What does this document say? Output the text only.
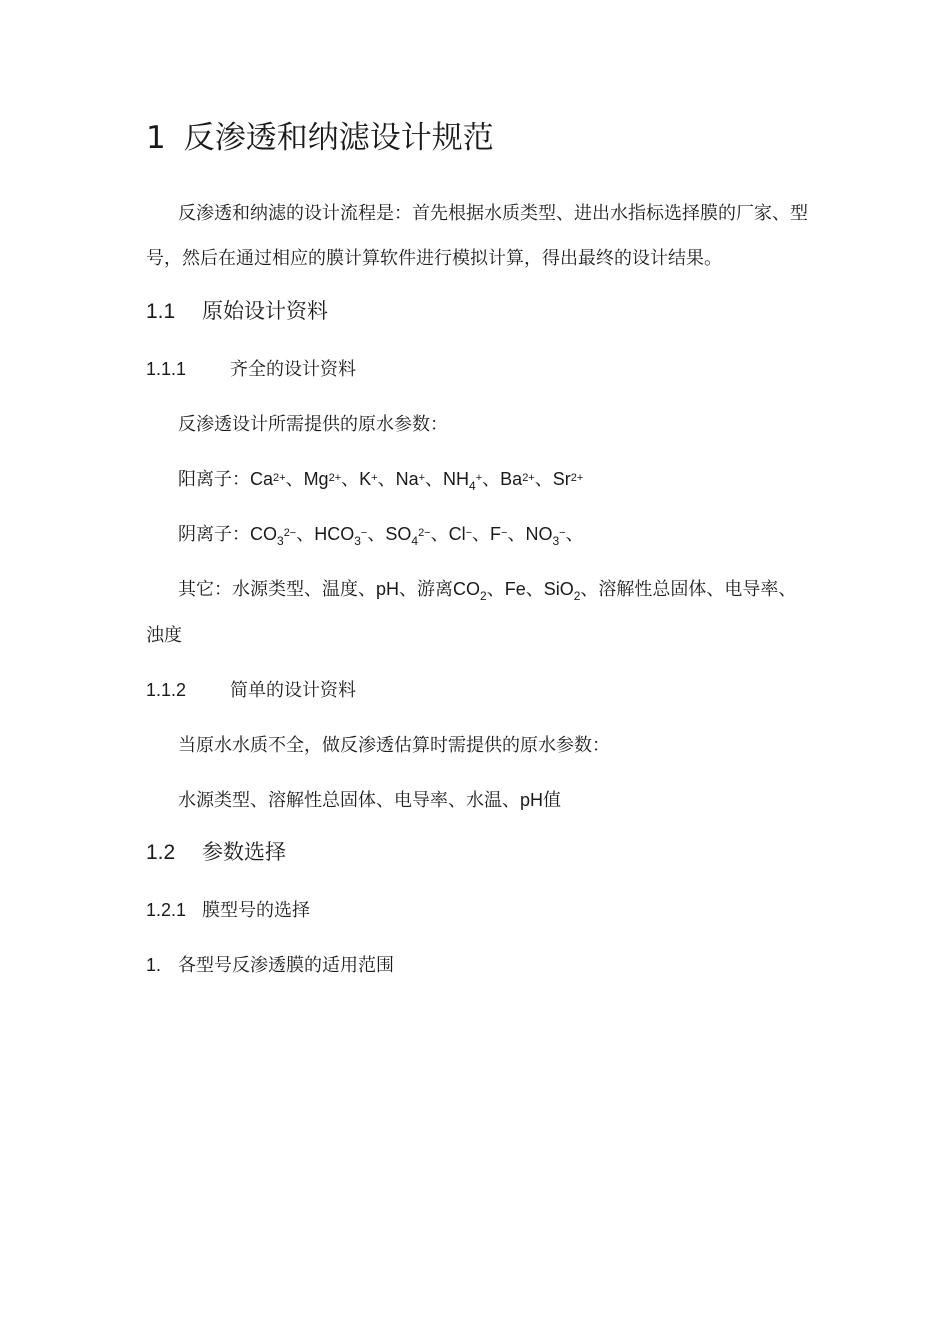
1 反渗透和纳滤设计规范
反渗透和纳滤的设计流程是：首先根据水质类型、进出水指标选择膜的厂家、型
号，然后在通过相应的膜计算软件进行模拟计算，得出最终的设计结果。
1.1 原始设计资料
1.1.1 齐全的设计资料
反渗透设计所需提供的原水参数：
阳离子：$Ca^{2+}$、$Mg^{2+}$、K+、Na+、$NH_4^+$、$Ba^{2+}$、$Sr^{2+}$
阴离子：$CO_3^{2-}$、$HCO_3^-$、$SO_4^{2-}$、Cl−、F−、$NO_3^-$、
其它：水源类型、温度、pH、游离$CO_2$、Fe、SiO$_2$、溶解性总固体、电导率、
浊度
1.1.2 简单的设计资料
当原水水质不全，做反渗透估算时需提供的原水参数：
水源类型、溶解性总固体、电导率、水温、pH值
1.2 参数选择
1.2.1 膜型号的选择
1. 各型号反渗透膜的适用范围
